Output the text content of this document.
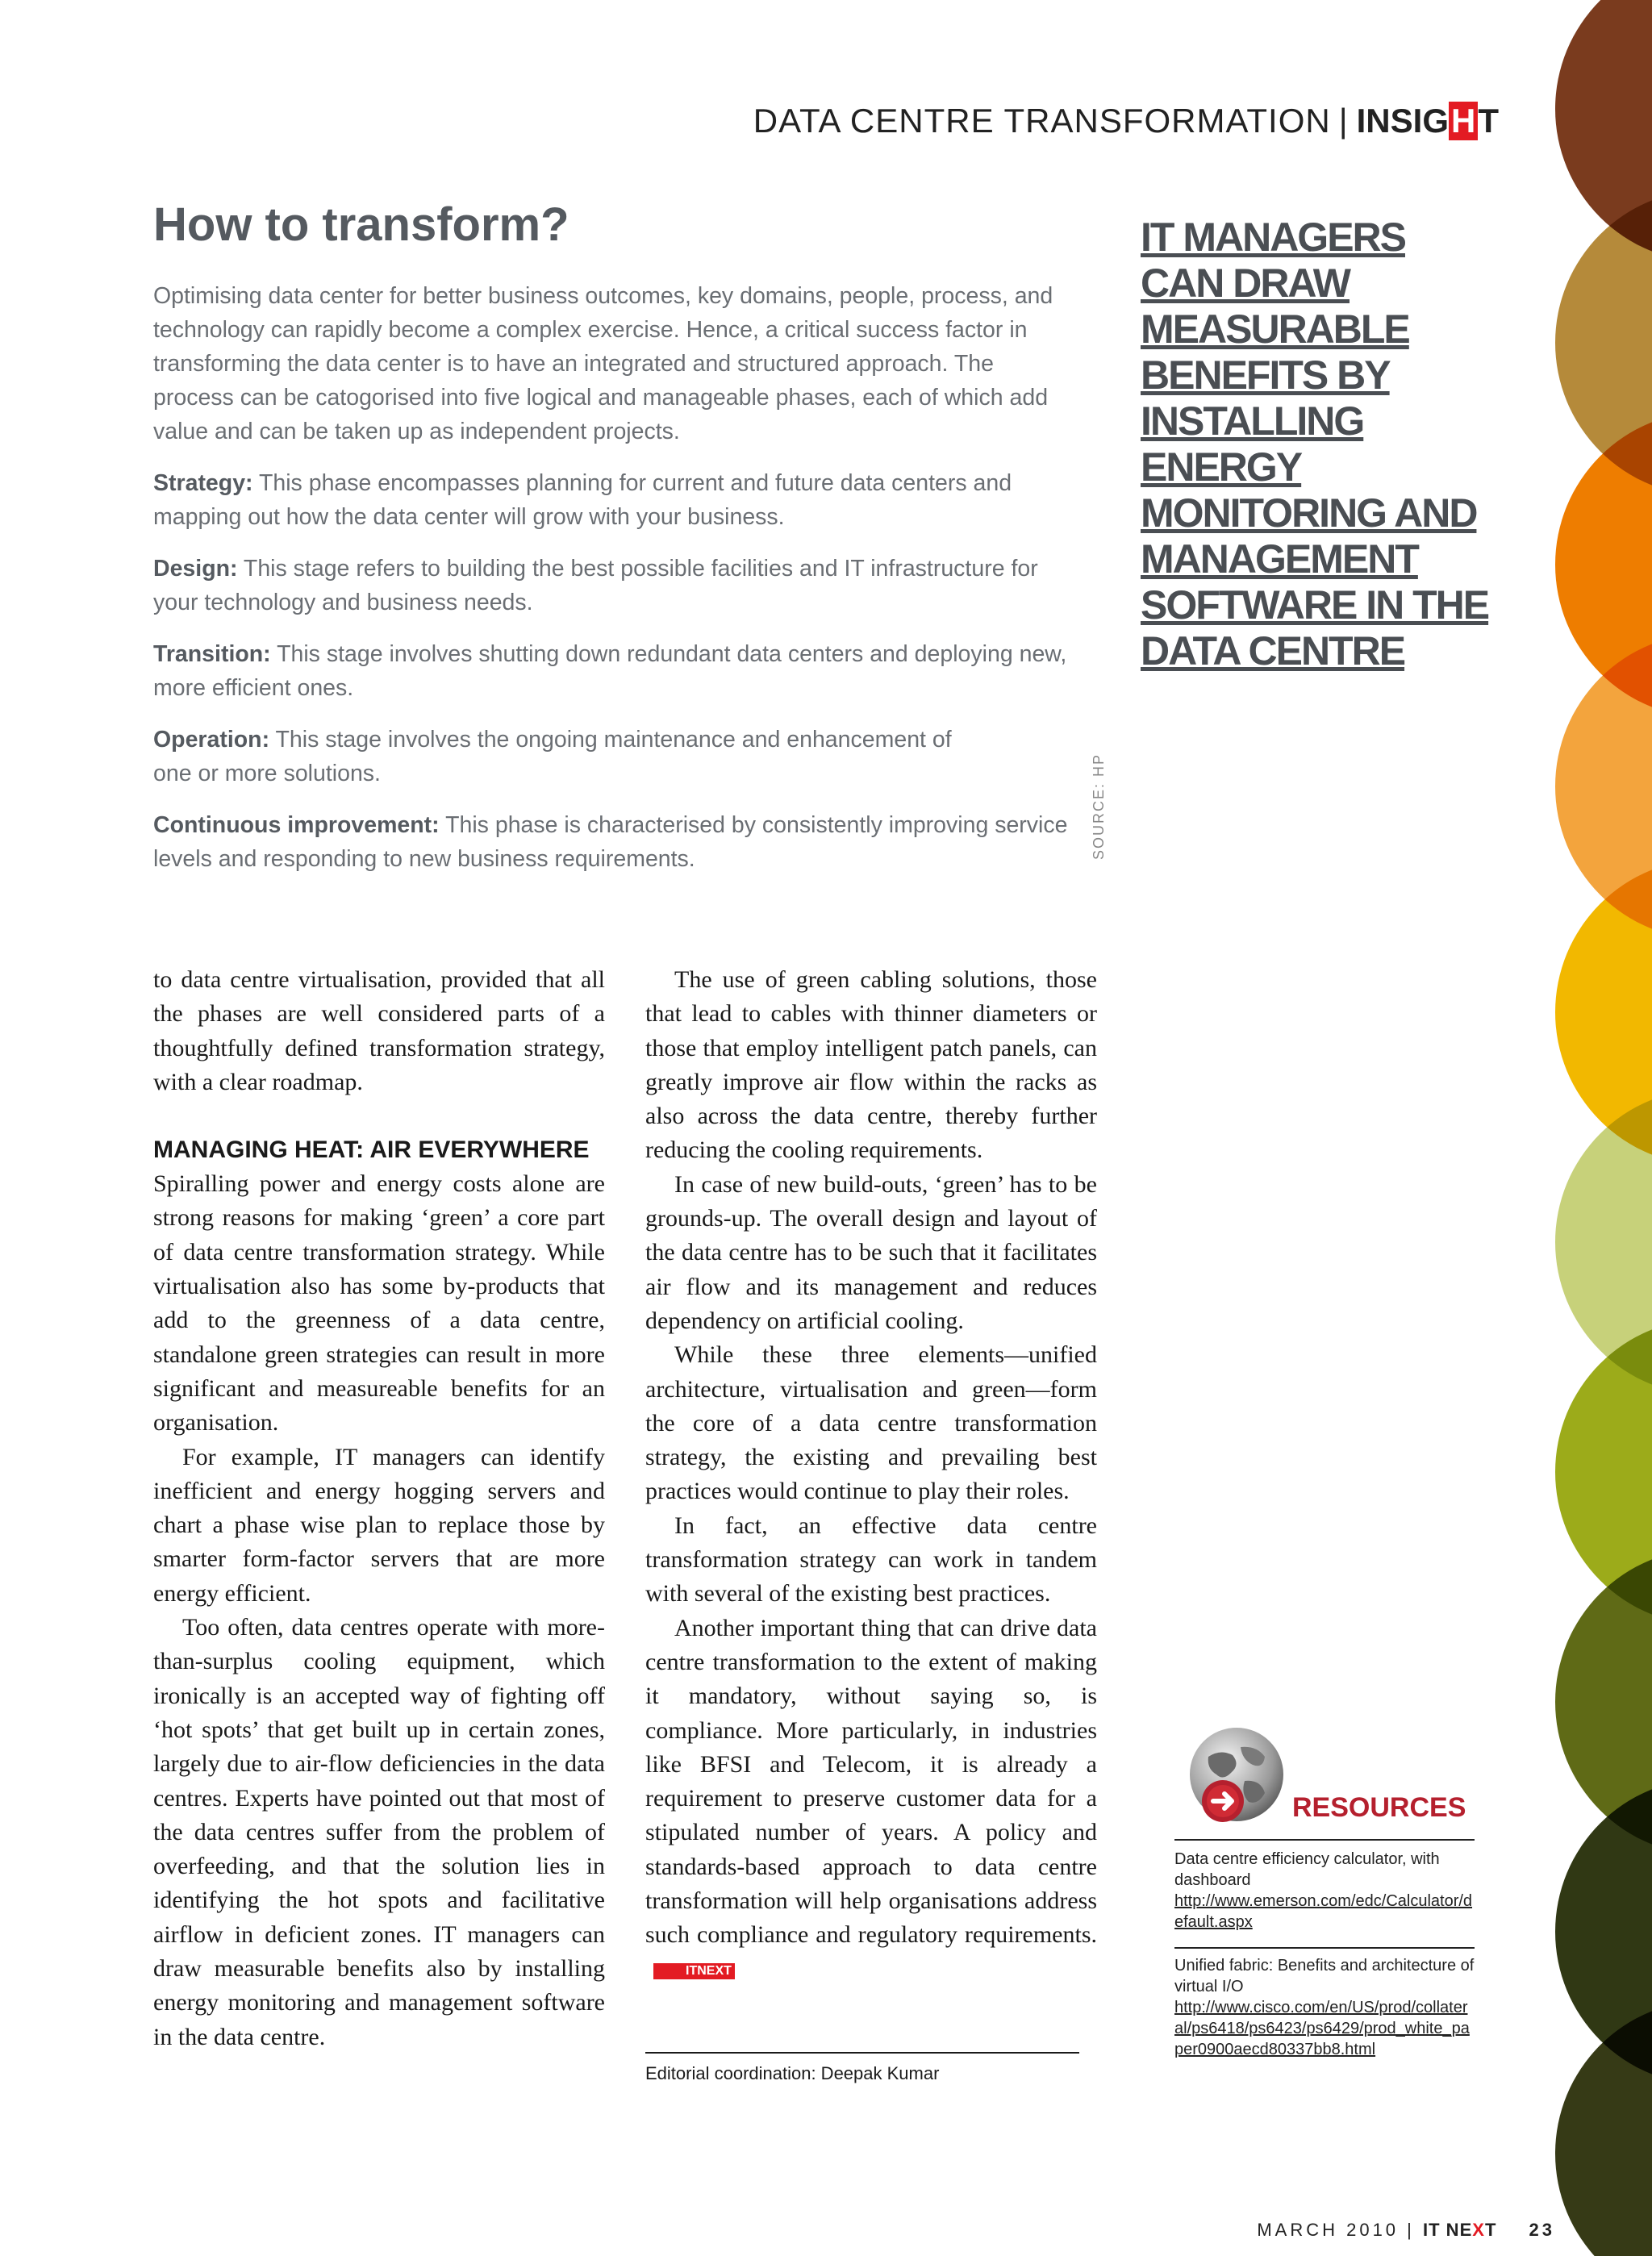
DATA CENTRE TRANSFORMATION | INSIGHT
How to transform?

Optimising data center for better business outcomes, key domains, people, process, and technology can rapidly become a complex exercise. Hence, a critical success factor in transforming the data center is to have an integrated and structured approach. The process can be catogorised into five logical and manageable phases, each of which add value and can be taken up as independent projects.

Strategy: This phase encompasses planning for current and future data centers and mapping out how the data center will grow with your business.

Design: This stage refers to building the best possible facilities and IT infrastructure for your technology and business needs.

Transition: This stage involves shutting down redundant data centers and deploying new, more efficient ones.

Operation: This stage involves the ongoing maintenance and enhancement of one or more solutions.

Continuous improvement: This phase is characterised by consistently improving service levels and responding to new business requirements.	SOURCE: HP
IT MANAGERS
CAN DRAW
MEASURABLE
BENEFITS BY
INSTALLING
ENERGY
MONITORING AND
MANAGEMENT
SOFTWARE IN THE
DATA CENTRE

to data centre virtualisation, provided that all the phases are well considered parts of a thoughtfully defined transformation strategy, with a clear roadmap.

MANAGING HEAT: AIR EVERYWHERE

Spiralling power and energy costs alone are strong reasons for making ‘green’ a core part of data centre transformation strategy. While virtualisation also has some by-products that add to the greenness of a data centre, standalone green strategies can result in more significant and measureable benefits for an organisation.

For example, IT managers can identify inefficient and energy hogging servers and chart a phase wise plan to replace those by smarter form-factor servers that are more energy efficient.

Too often, data centres operate with more-than-surplus cooling equipment, which ironically is an accepted way of fighting off ‘hot spots’ that get built up in certain zones, largely due to air-flow deficiencies in the data centres. Experts have pointed out that most of the data centres suffer from the problem of overfeeding, and that the solution lies in identifying the hot spots and facilitative airflow in deficient zones. IT managers can draw measurable benefits also by installing energy monitoring and management software in the data centre.

The use of green cabling solutions, those that lead to cables with thinner diameters or those that employ intelligent patch panels, can greatly improve air flow within the racks as also across the data centre, thereby further reducing the cooling requirements.

In case of new build-outs, ‘green’ has to be grounds-up. The overall design and layout of the data centre has to be such that it facilitates air flow and its management and reduces dependency on artificial cooling.

While these three elements—unified architecture, virtualisation and green—form the core of a data centre transformation strategy, the existing and prevailing best practices would continue to play their roles.

In fact, an effective data centre transformation strategy can work in tandem with several of the existing best practices.

Another important thing that can drive data centre transformation to the extent of making it mandatory, without saying so, is compliance. More particularly, in industries like BFSI and Telecom, it is already a requirement to preserve customer data for a stipulated number of years. A policy and standards-based approach to data centre transformation will help organisations address such compliance and regulatory requirements.ITNEXT

Editorial coordination: Deepak Kumar
RESOURCES
Data centre efficiency calculator, with dashboard
http://www.emerson.com/edc/Calculator/default.aspx
Unified fabric: Benefits and architecture of virtual I/O
http://www.cisco.com/en/US/prod/collateral/ps6418/ps6423/ps6429/prod_white_paper0900aecd80337bb8.html
MARCH 2010 | IT NEXT 23
